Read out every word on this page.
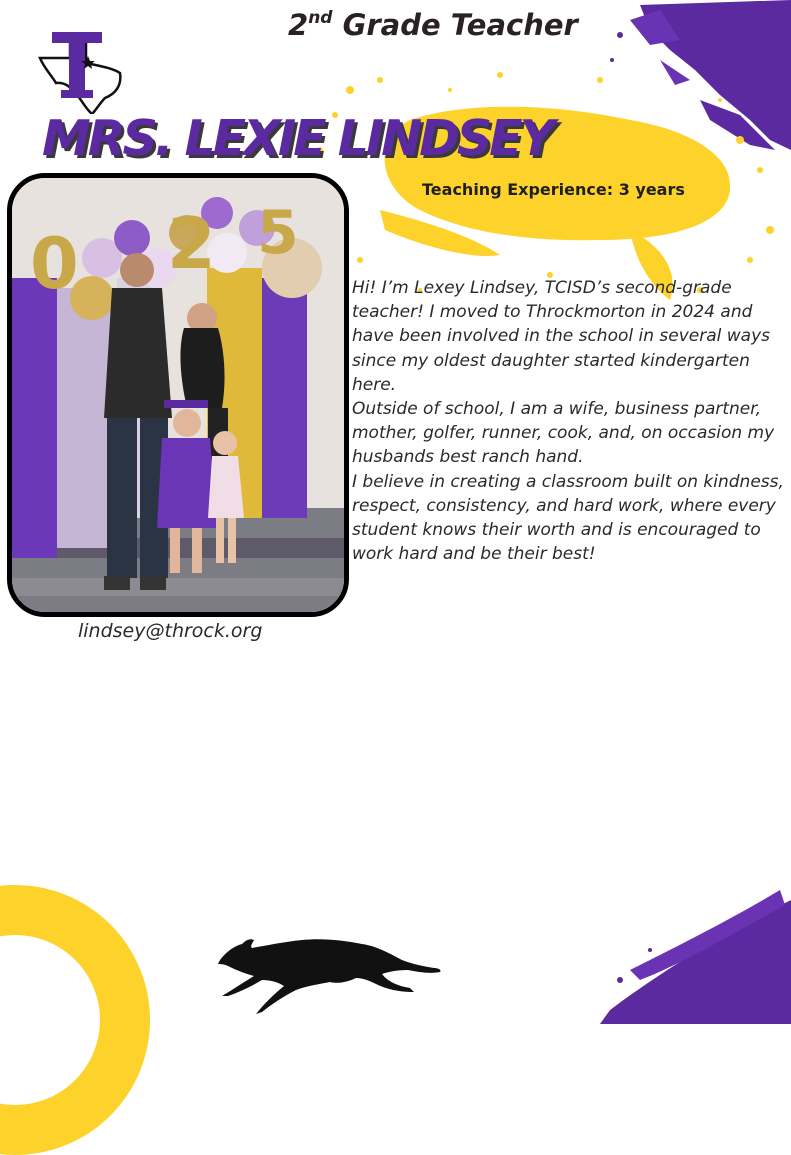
2nd Grade Teacher
MRS. LEXIE LINDSEY
Teaching Experience: 3 years
0 2 5
lindsey@throck.org

Hi! I’m Lexey Lindsey, TCISD’s second-grade teacher! I moved to Throckmorton in 2024 and have been involved in the school in several ways since my oldest daughter started kindergarten here.

Outside of school, I am a wife, business partner, mother, golfer, runner, cook, and, on occasion my husbands best ranch hand.

I believe in creating a classroom built on kindness, respect, consistency, and hard work, where every student knows their worth and is encouraged to work hard and be their best!
